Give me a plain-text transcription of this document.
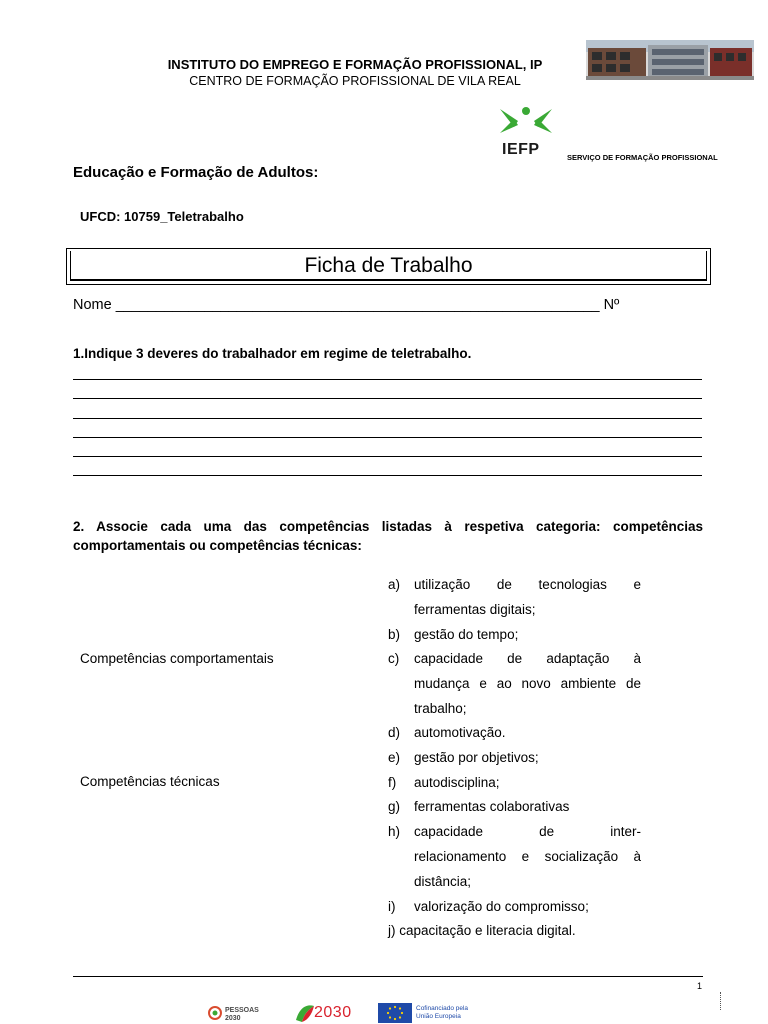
INSTITUTO DO EMPREGO E FORMAÇÃO PROFISSIONAL, IP
CENTRO DE FORMAÇÃO PROFISSIONAL DE VILA REAL
IEFP	SERVIÇO DE FORMAÇÃO PROFISSIONAL
Educação e Formação de Adultos:
UFCD: 10759_Teletrabalho
Ficha de Trabalho
Nome ____________________________________________________________ Nº
1.Indique 3 deveres do trabalhador em regime de teletrabalho.
2. Associe cada uma das competências listadas à respetiva categoria: competências comportamentais ou competências técnicas:
Competências comportamentais
Competências técnicas
a)	utilização de tecnologias e
ferramentas digitais;
b)	gestão do tempo;
c)	capacidade de adaptação à
mudança e ao novo ambiente de
trabalho;
d)	automotivação.
e)	gestão por objetivos;
f)	autodisciplina;
g)	ferramentas colaborativas
h)	capacidade de inter-
relacionamento e socialização à
distância;
i)	valorização do compromisso;
j) capacitação e literacia digital.
1
PESSOAS 2030	2030	Cofinanciado pela
União Europeia
